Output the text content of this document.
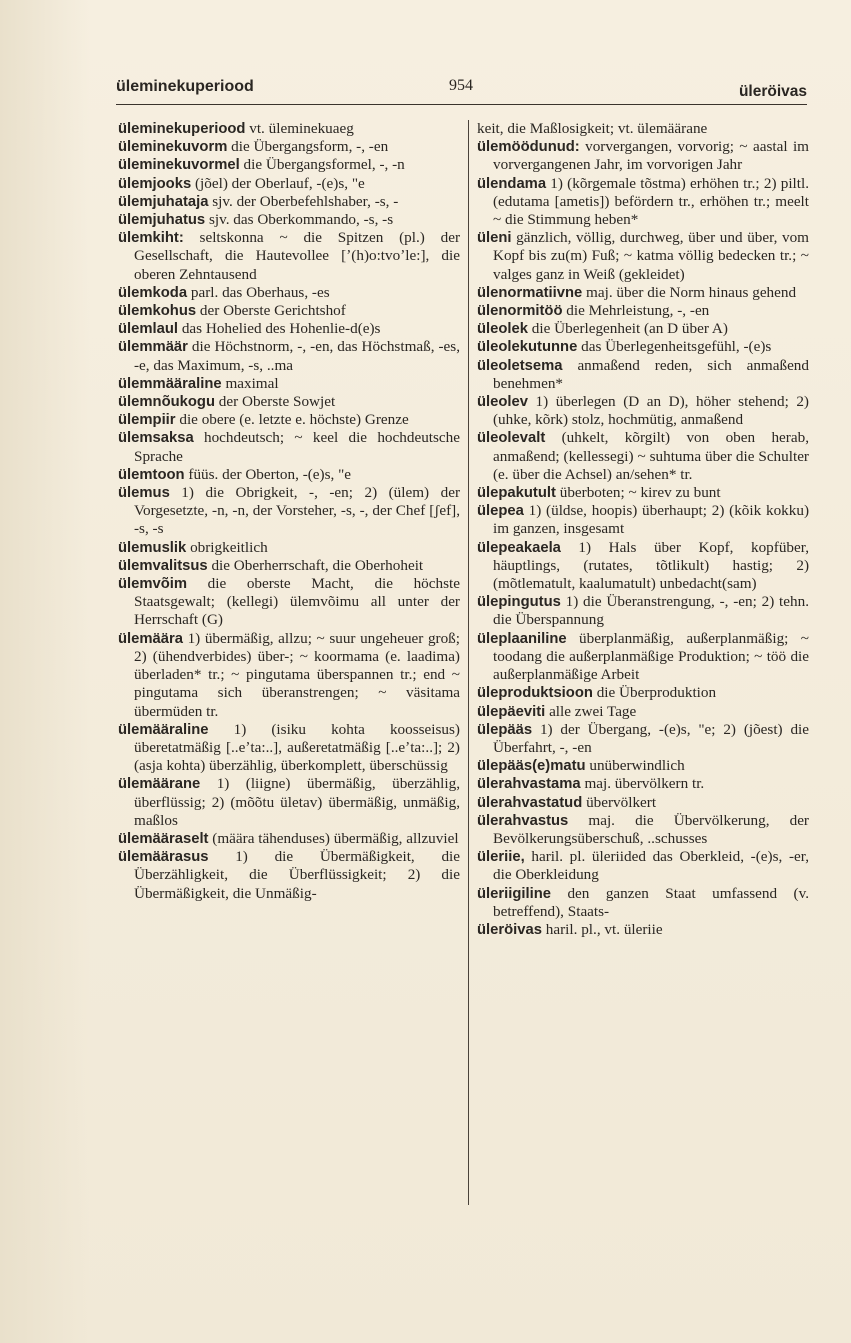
üleminekuperiood	954	üleröivas

üleminekuperiood vt. üleminekuaeg

üleminekuvorm die Übergangsform, -, -en

üleminekuvormel die Übergangsformel, -, -n

ülemjooks (jõel) der Oberlauf, -(e)s, "e

ülemjuhataja sjv. der Oberbefehlshaber, -s, -

ülemjuhatus sjv. das Oberkommando, -s, -s

ülemkiht: seltskonna ~ die Spitzen (pl.) der Gesellschaft, die Hautevollee [ʼ(h)o:tvoʼle:], die oberen Zehntausend

ülemkoda parl. das Oberhaus, -es

ülemkohus der Oberste Gerichtshof

ülemlaul das Hohelied des Hohenlie-d(e)s

ülemmäär die Höchstnorm, -, -en, das Höchstmaß, -es, -e, das Maximum, -s, ..ma

ülemmääraline maximal

ülemnõukogu der Oberste Sowjet

ülempiir die obere (e. letzte e. höchste) Grenze

ülemsaksa hochdeutsch; ~ keel die hochdeutsche Sprache

ülemtoon füüs. der Oberton, -(e)s, "e

ülemus 1) die Obrigkeit, -, -en; 2) (ülem) der Vorgesetzte, -n, -n, der Vorsteher, -s, -, der Chef [ʃef], -s, -s

ülemuslik obrigkeitlich

ülemvalitsus die Oberherrschaft, die Oberhoheit

ülemvõim die oberste Macht, die höchste Staatsgewalt; (kellegi) ülemvõimu all unter der Herrschaft (G)

ülemäära 1) übermäßig, allzu; ~ suur ungeheuer groß; 2) (ühendverbides) über-; ~ koormama (e. laadima) überladen* tr.; ~ pingutama überspannen tr.; end ~ pingutama sich überanstrengen; ~ väsitama übermüden tr.

ülemääraline 1) (isiku kohta koosseisus) überetatmäßig [..eʼta:..], außeretatmäßig [..eʼta:..]; 2) (asja kohta) überzählig, überkomplett, überschüssig

ülemäärane 1) (liigne) übermäßig, überzählig, überflüssig; 2) (mõõtu ületav) übermäßig, unmäßig, maßlos

ülemääraselt (määra tähenduses) übermäßig, allzuviel

ülemäärasus 1) die Übermäßigkeit, die Überzähligkeit, die Überflüssigkeit; 2) die Übermäßigkeit, die Unmäßig-

keit, die Maßlosigkeit; vt. ülemäärane

ülemöödunud: vorvergangen, vorvorig; ~ aastal im vorvergangenen Jahr, im vorvorigen Jahr

ülendama 1) (kõrgemale tõstma) erhöhen tr.; 2) piltl. (edutama [ametis]) befördern tr., erhöhen tr.; meelt ~ die Stimmung heben*

üleni gänzlich, völlig, durchweg, über und über, vom Kopf bis zu(m) Fuß; ~ katma völlig bedecken tr.; ~ valges ganz in Weiß (gekleidet)

ülenormatiivne maj. über die Norm hinaus gehend

ülenormitöö die Mehrleistung, -, -en

üleolek die Überlegenheit (an D über A)

üleolekutunne das Überlegenheitsgefühl, -(e)s

üleoletsema anmaßend reden, sich anmaßend benehmen*

üleolev 1) überlegen (D an D), höher stehend; 2) (uhke, kõrk) stolz, hochmütig, anmaßend

üleolevalt (uhkelt, kõrgilt) von oben herab, anmaßend; (kellessegi) ~ suhtuma über die Schulter (e. über die Achsel) an/sehen* tr.

ülepakutult überboten; ~ kirev zu bunt

ülepea 1) (üldse, hoopis) überhaupt; 2) (kõik kokku) im ganzen, insgesamt

ülepeakaela 1) Hals über Kopf, kopfüber, häuptlings, (rutates, tõtlikult) hastig; 2) (mõtlematult, kaalumatult) unbedacht(sam)

ülepingutus 1) die Überanstrengung, -, -en; 2) tehn. die Überspannung

üleplaaniline überplanmäßig, außerplanmäßig; ~ toodang die außerplanmäßige Produktion; ~ töö die außerplanmäßige Arbeit

üleproduktsioon die Überproduktion

ülepäeviti alle zwei Tage

ülepääs 1) der Übergang, -(e)s, "e; 2) (jõest) die Überfahrt, -, -en

ülepääs(e)matu unüberwindlich

ülerahvastama maj. übervölkern tr.

ülerahvastatud übervölkert

ülerahvastus maj. die Übervölkerung, der Bevölkerungsüberschuß, ..schusses

üleriie, haril. pl. üleriided das Oberkleid, -(e)s, -er, die Oberkleidung

üleriigiline den ganzen Staat umfassend (v. betreffend), Staats-

üleröivas haril. pl., vt. üleriie
